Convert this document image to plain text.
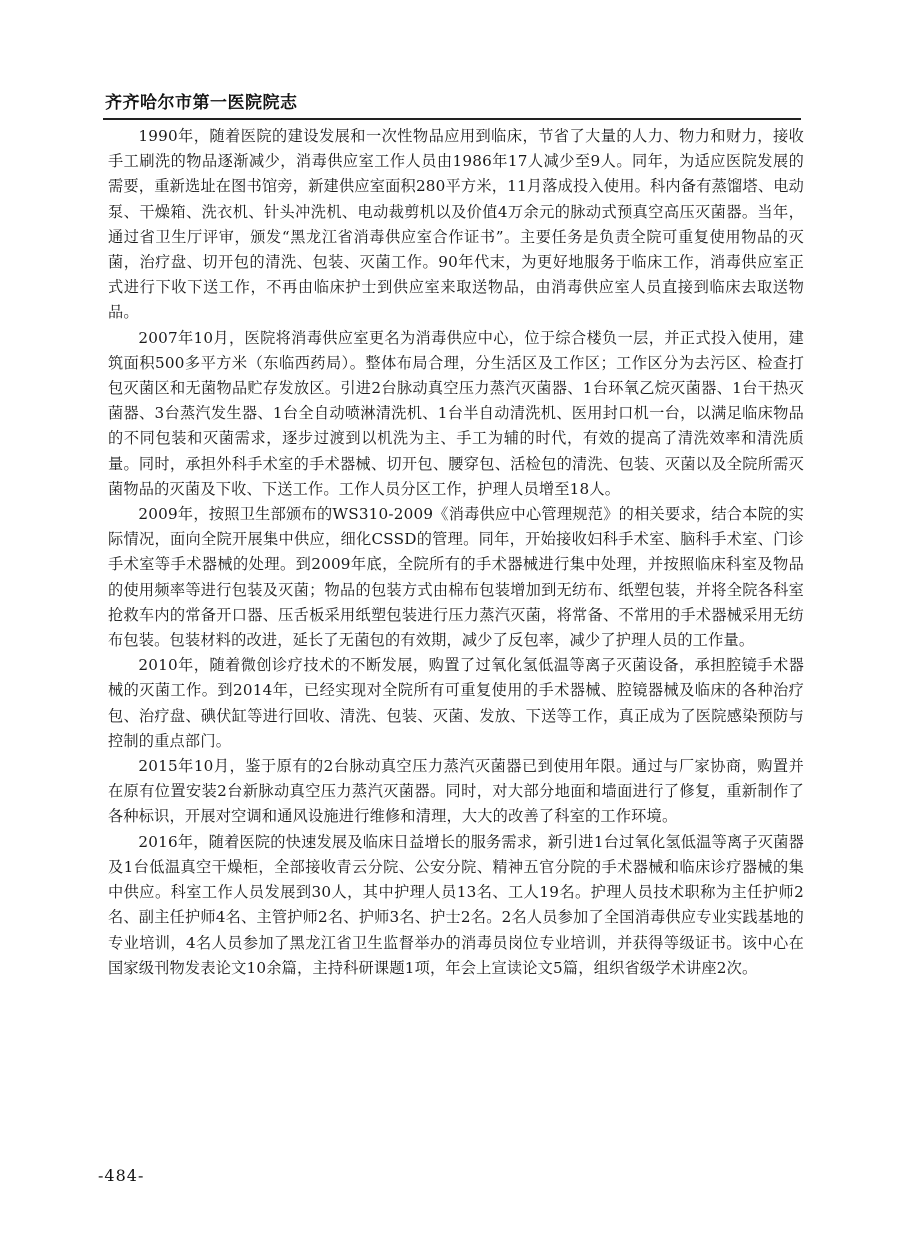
齐齐哈尔市第一医院院志

1990年，随着医院的建设发展和一次性物品应用到临床，节省了大量的人力、物力和财力，接收手工刷洗的物品逐渐减少，消毒供应室工作人员由1986年17人减少至9人。同年，为适应医院发展的需要，重新选址在图书馆旁，新建供应室面积280平方米，11月落成投入使用。科内备有蒸馏塔、电动泵、干燥箱、洗衣机、针头冲洗机、电动裁剪机以及价值4万余元的脉动式预真空高压灭菌器。当年，通过省卫生厅评审，颁发“黑龙江省消毒供应室合作证书”。主要任务是负责全院可重复使用物品的灭菌，治疗盘、切开包的清洗、包装、灭菌工作。90年代末，为更好地服务于临床工作，消毒供应室正式进行下收下送工作，不再由临床护士到供应室来取送物品，由消毒供应室人员直接到临床去取送物品。

2007年10月，医院将消毒供应室更名为消毒供应中心，位于综合楼负一层，并正式投入使用，建筑面积500多平方米（东临西药局）。整体布局合理，分生活区及工作区；工作区分为去污区、检查打包灭菌区和无菌物品贮存发放区。引进2台脉动真空压力蒸汽灭菌器、1台环氧乙烷灭菌器、1台干热灭菌器、3台蒸汽发生器、1台全自动喷淋清洗机、1台半自动清洗机、医用封口机一台，以满足临床物品的不同包装和灭菌需求，逐步过渡到以机洗为主、手工为辅的时代，有效的提高了清洗效率和清洗质量。同时，承担外科手术室的手术器械、切开包、腰穿包、活检包的清洗、包装、灭菌以及全院所需灭菌物品的灭菌及下收、下送工作。工作人员分区工作，护理人员增至18人。

2009年，按照卫生部颁布的WS310-2009《消毒供应中心管理规范》的相关要求，结合本院的实际情况，面向全院开展集中供应，细化CSSD的管理。同年，开始接收妇科手术室、脑科手术室、门诊手术室等手术器械的处理。到2009年底，全院所有的手术器械进行集中处理，并按照临床科室及物品的使用频率等进行包装及灭菌；物品的包装方式由棉布包装增加到无纺布、纸塑包装，并将全院各科室抢救车内的常备开口器、压舌板采用纸塑包装进行压力蒸汽灭菌，将常备、不常用的手术器械采用无纺布包装。包装材料的改进，延长了无菌包的有效期，减少了反包率，减少了护理人员的工作量。

2010年，随着微创诊疗技术的不断发展，购置了过氧化氢低温等离子灭菌设备，承担腔镜手术器械的灭菌工作。到2014年，已经实现对全院所有可重复使用的手术器械、腔镜器械及临床的各种治疗包、治疗盘、碘伏缸等进行回收、清洗、包装、灭菌、发放、下送等工作，真正成为了医院感染预防与控制的重点部门。

2015年10月，鉴于原有的2台脉动真空压力蒸汽灭菌器已到使用年限。通过与厂家协商，购置并在原有位置安装2台新脉动真空压力蒸汽灭菌器。同时，对大部分地面和墙面进行了修复，重新制作了各种标识，开展对空调和通风设施进行维修和清理，大大的改善了科室的工作环境。

2016年，随着医院的快速发展及临床日益增长的服务需求，新引进1台过氧化氢低温等离子灭菌器及1台低温真空干燥柜，全部接收青云分院、公安分院、精神五官分院的手术器械和临床诊疗器械的集中供应。科室工作人员发展到30人，其中护理人员13名、工人19名。护理人员技术职称为主任护师2名、副主任护师4名、主管护师2名、护师3名、护士2名。2名人员参加了全国消毒供应专业实践基地的专业培训，4名人员参加了黑龙江省卫生监督举办的消毒员岗位专业培训，并获得等级证书。该中心在国家级刊物发表论文10余篇，主持科研课题1项，年会上宣读论文5篇，组织省级学术讲座2次。

-484-
